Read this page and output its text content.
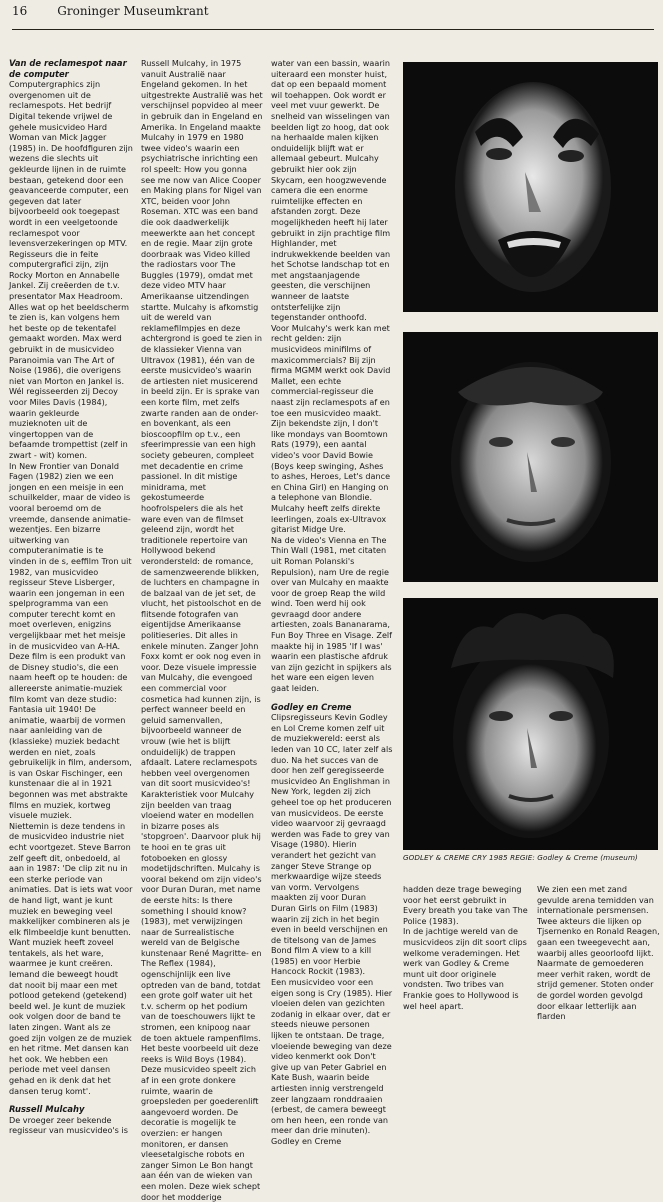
16	Groninger Museumkrant

Van de reclamespot naar de computer

Computergraphics zijn overgenomen uit de reclamespots. Het bedrijf Digital tekende vrijwel de gehele musicvideo Hard Woman van Mick Jagger (1985) in. De hoofdfiguren zijn wezens die slechts uit gekleurde lijnen in de ruimte bestaan, getekend door een geavanceerde computer, een gegeven dat later bijvoorbeeld ook toegepast wordt in een veelgetoonde reclamespot voor levensverzekeringen op MTV. Regisseurs die in feite computergrafici zijn, zijn Rocky Morton en Annabelle Jankel. Zij creëerden de t.v. presentator Max Headroom. Alles wat op het beeldscherm te zien is, kan volgens hem het beste op de tekentafel gemaakt worden. Max werd gebruikt in de musicvideo Paranoimia van The Art of Noise (1986), die overigens niet van Morton en Jankel is. Wél regisseerden zij Decoy voor Miles Davis (1984), waarin gekleurde muzieknoten uit de vingertoppen van de befaamde trompettist (zelf in zwart - wit) komen.

In New Frontier van Donald Fagen (1982) zien we een jongen en een meisje in een schuilkelder, maar de video is vooral beroemd om de vreemde, dansende animatie-wezentjes. Een bizarre uitwerking van computeranimatie is te vinden in de s, eeffilm Tron uit 1982, van musicvideo regisseur Steve Lisberger, waarin een jongeman in een spelprogramma van een computer terecht komt en moet overleven, enigzins vergelijkbaar met het meisje in de musicvideo van A-HA. Deze film is een produkt van de Disney studio's, die een naam heeft op te houden: de allereerste animatie-muziek film komt van deze studio: Fantasia uit 1940! De animatie, waarbij de vormen naar aanleiding van de (klassieke) muziek bedacht werden en niet, zoals gebruikelijk in film, andersom, is van Oskar Fischinger, een kunstenaar die al in 1921 begonnen was met abstrakte films en muziek, kortweg visuele muziek.

Niettemin is deze tendens in de musicvideo industrie niet echt voortgezet. Steve Barron zelf geeft dit, onbedoeld, al aan in 1987: 'De clip zit nu in een sterke periode van animaties. Dat is iets wat voor de hand ligt, want je kunt muziek en beweging veel makkelijker combineren als je elk filmbeeldje kunt benutten. Want muziek heeft zoveel tentakels, als het ware, waarmee je kunt creëren. Iemand die beweegt houdt dat nooit bij maar een met potlood getekend (getekend) beeld wel. Je kunt de muziek ook volgen door de band te laten zingen. Want als ze goed zijn volgen ze de muziek en het ritme. Met dansen kan het ook. We hebben een periode met veel dansen gehad en ik denk dat het dansen terug komt'.

Russell Mulcahy

De vroeger zeer bekende regisseur van musicvideo's is

Russell Mulcahy, in 1975 vanuit Australië naar Engeland gekomen. In het uitgestrekte Australië was het verschijnsel popvideo al meer in gebruik dan in Engeland en Amerika. In Engeland maakte Mulcahy in 1979 en 1980 twee video's waarin een psychiatrische inrichting een rol speelt: How you gonna see me now van Alice Cooper en Making plans for Nigel van XTC, beiden voor John Roseman. XTC was een band die ook daadwerkelijk meewerkte aan het concept en de regie. Maar zijn grote doorbraak was Video killed the radiostars voor The Buggles (1979), omdat met deze video MTV haar Amerikaanse uitzendingen startte. Mulcahy is afkomstig uit de wereld van reklamefilmpjes en deze achtergrond is goed te zien in de klassieker Vienna van Ultravox (1981), één van de eerste musicvideo's waarin de artiesten niet musicerend in beeld zijn. Er is sprake van een korte film, met zelfs zwarte randen aan de onder- en bovenkant, als een bioscoopfilm op t.v., een sfeerimpressie van een high society gebeuren, compleet met decadentie en crime passionel. In dit mistige minidrama, met gekostumeerde hoofrolspelers die als het ware even van de filmset geleend zijn, wordt het traditionele repertoire van Hollywood bekend verondersteld: de romance, de samenzweerende blikken, de luchters en champagne in de balzaal van de jet set, de vlucht, het pistoolschot en de flitsende fotografen van eigentijdse Amerikaanse politieseries. Dit alles in enkele minuten. Zanger John Foxx komt er ook nog even in voor. Deze visuele impressie van Mulcahy, die evengoed een commercial voor cosmetica had kunnen zijn, is perfect wanneer beeld en geluid samenvallen, bijvoorbeeld wanneer de vrouw (wie het is blijft onduidelijk) de trappen afdaalt. Latere reclamespots hebben veel overgenomen van dit soort musicvideo's! Karakteristiek voor Mulcahy zijn beelden van traag vloeiend water en modellen in bizarre poses als 'stopgroen'. Daarvoor pluk hij te hooi en te gras uit fotoboeken en glossy modetijdschriften. Mulcahy is vooral bekend om zijn video's voor Duran Duran, met name de eerste hits: Is there something I should know? (1983), met verwijzingen naar de Surrealistische wereld van de Belgische kunstenaar René Magritte- en The Reflex (1984), ogenschijnlijk een live optreden van de band, totdat een grote golf water uit het t.v. scherm op het podium van de toeschouwers lijkt te stromen, een knipoog naar de toen aktuele rampenfilms. Het beste voorbeeld uit deze reeks is Wild Boys (1984). Deze musicvideo speelt zich af in een grote donkere ruimte, waarin de groepsleden per goederenlift aangevoerd worden. De decoratie is mogelijk te overzien: er hangen monitoren, er dansen vleesetalgische robots en zanger Simon Le Bon hangt aan één van de wieken van een molen. Deze wiek schept door het modderige

water van een bassin, waarin uiteraard een monster huist, dat op een bepaald moment wil toehappen. Ook wordt er veel met vuur gewerkt. De snelheid van wisselingen van beelden ligt zo hoog, dat ook na herhaalde malen kijken onduidelijk blijft wat er allemaal gebeurt. Mulcahy gebruikt hier ook zijn Skycam, een hoogzwevende camera die een enorme ruimtelijke effecten en afstanden zorgt. Deze mogelijkheden heeft hij later gebruikt in zijn prachtige film Highlander, met indrukwekkende beelden van het Schotse landschap tot en met angstaanjagende geesten, die verschijnen wanneer de laatste ontsterfelijke zijn tegenstander onthoofd.

Voor Mulcahy's werk kan met recht gelden: zijn musicvideos minifilms of maxicommercials? Bij zijn firma MGMM werkt ook David Mallet, een echte commercial-regisseur die naast zijn reclamespots af en toe een musicvideo maakt. Zijn bekendste zijn, I don't like mondays van Boomtown Rats (1979), een aantal video's voor David Bowie (Boys keep swinging, Ashes to ashes, Heroes, Let's dance en China Girl) en Hanging on a telephone van Blondie. Mulcahy heeft zelfs direkte leerlingen, zoals ex-Ultravox gitarist Midge Ure.

Na de video's Vienna en The Thin Wall (1981, met citaten uit Roman Polanski's Repulsion), nam Ure de regie over van Mulcahy en maakte voor de groep Reap the wild wind. Toen werd hij ook gevraagd door andere artiesten, zoals Bananarama, Fun Boy Three en Visage. Zelf maakte hij in 1985 'If I was' waarin een plastische afdruk van zijn gezicht in spijkers als het ware een eigen leven gaat leiden.

Godley en Creme

Clipsregisseurs Kevin Godley en Lol Creme komen zelf uit de muziekwereld: eerst als leden van 10 CC, later zelf als duo. Na het succes van de door hen zelf geregisseerde musicvideo An Englishman in New York, legden zij zich geheel toe op het produceren van musicvideos. De eerste video waarvoor zij gevraagd werden was Fade to grey van Visage (1980). Hierin verandert het gezicht van zanger Steve Strange op merkwaardige wijze steeds van vorm. Vervolgens maakten zij voor Duran Duran Girls on Film (1983) waarin zij zich in het begin even in beeld verschijnen en de titelsong van de James Bond film A view to a kill (1985) en voor Herbie Hancock Rockit (1983).

Een musicvideo voor een eigen song is Cry (1985). Hier vloeien delen van gezichten zodanig in elkaar over, dat er steeds nieuwe personen lijken te ontstaan. De trage, vloeiende beweging van deze video kenmerkt ook Don't give up van Peter Gabriel en Kate Bush, waarin beide artiesten innig verstrengeld zeer langzaam ronddraaien (erbest, de camera beweegt om hen heen, een ronde van meer dan drie minuten). Godley en Creme

GODLEY & CREME CRY 1985 REGIE: Godley & Creme (museum)

hadden deze trage beweging voor het eerst gebruikt in Every breath you take van The Police (1983).

In de jachtige wereld van de musicvideos zijn dit soort clips welkome verademingen. Het werk van Godley & Creme munt uit door originele vondsten. Two tribes van Frankie goes to Hollywood is wel heel apart.

We zien een met zand gevulde arena temidden van internationale persmensen. Twee akteurs die lijken op Tjsernenko en Ronald Reagen, gaan een tweegevecht aan, waarbij alles geoorloofd lijkt. Naarmate de gemoederen meer verhit raken, wordt de strijd gemener. Stoten onder de gordel worden gevolgd door elkaar letterlijk aan flarden
